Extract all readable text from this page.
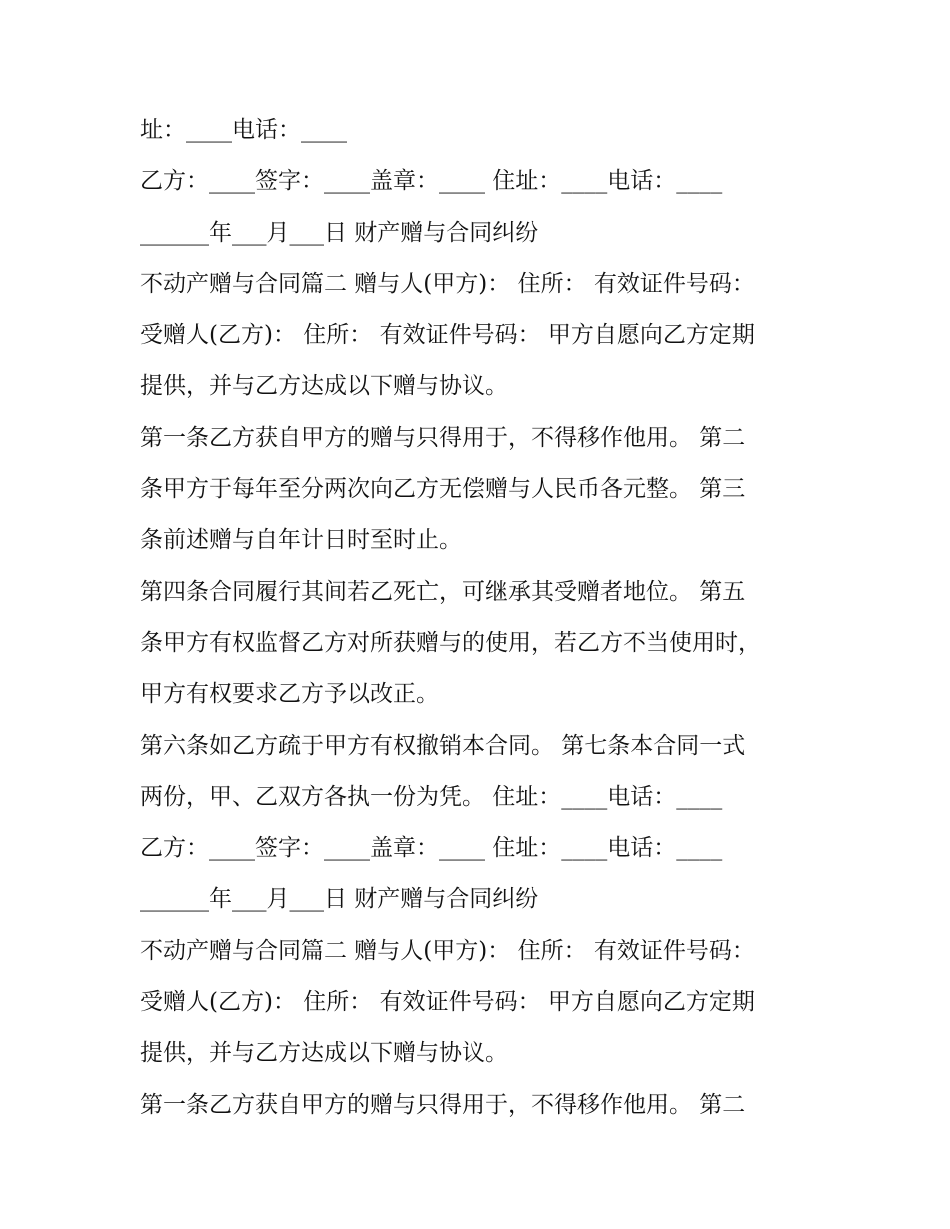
址：____电话：____
乙方：____签字：____盖章：____ 住址：____电话：____
______年___月___日 财产赠与合同纠纷
不动产赠与合同篇二 赠与人(甲方)： 住所： 有效证件号码：
受赠人(乙方)： 住所： 有效证件号码： 甲方自愿向乙方定期
提供，并与乙方达成以下赠与协议。
第一条乙方获自甲方的赠与只得用于，不得移作他用。 第二
条甲方于每年至分两次向乙方无偿赠与人民币各元整。 第三
条前述赠与自年计日时至时止。
第四条合同履行其间若乙死亡，可继承其受赠者地位。 第五
条甲方有权监督乙方对所获赠与的使用，若乙方不当使用时，
甲方有权要求乙方予以改正。
第六条如乙方疏于甲方有权撤销本合同。 第七条本合同一式
两份，甲、乙双方各执一份为凭。 住址：____电话：____
乙方：____签字：____盖章：____ 住址：____电话：____
______年___月___日 财产赠与合同纠纷
不动产赠与合同篇二 赠与人(甲方)： 住所： 有效证件号码：
受赠人(乙方)： 住所： 有效证件号码： 甲方自愿向乙方定期
提供，并与乙方达成以下赠与协议。
第一条乙方获自甲方的赠与只得用于，不得移作他用。 第二
